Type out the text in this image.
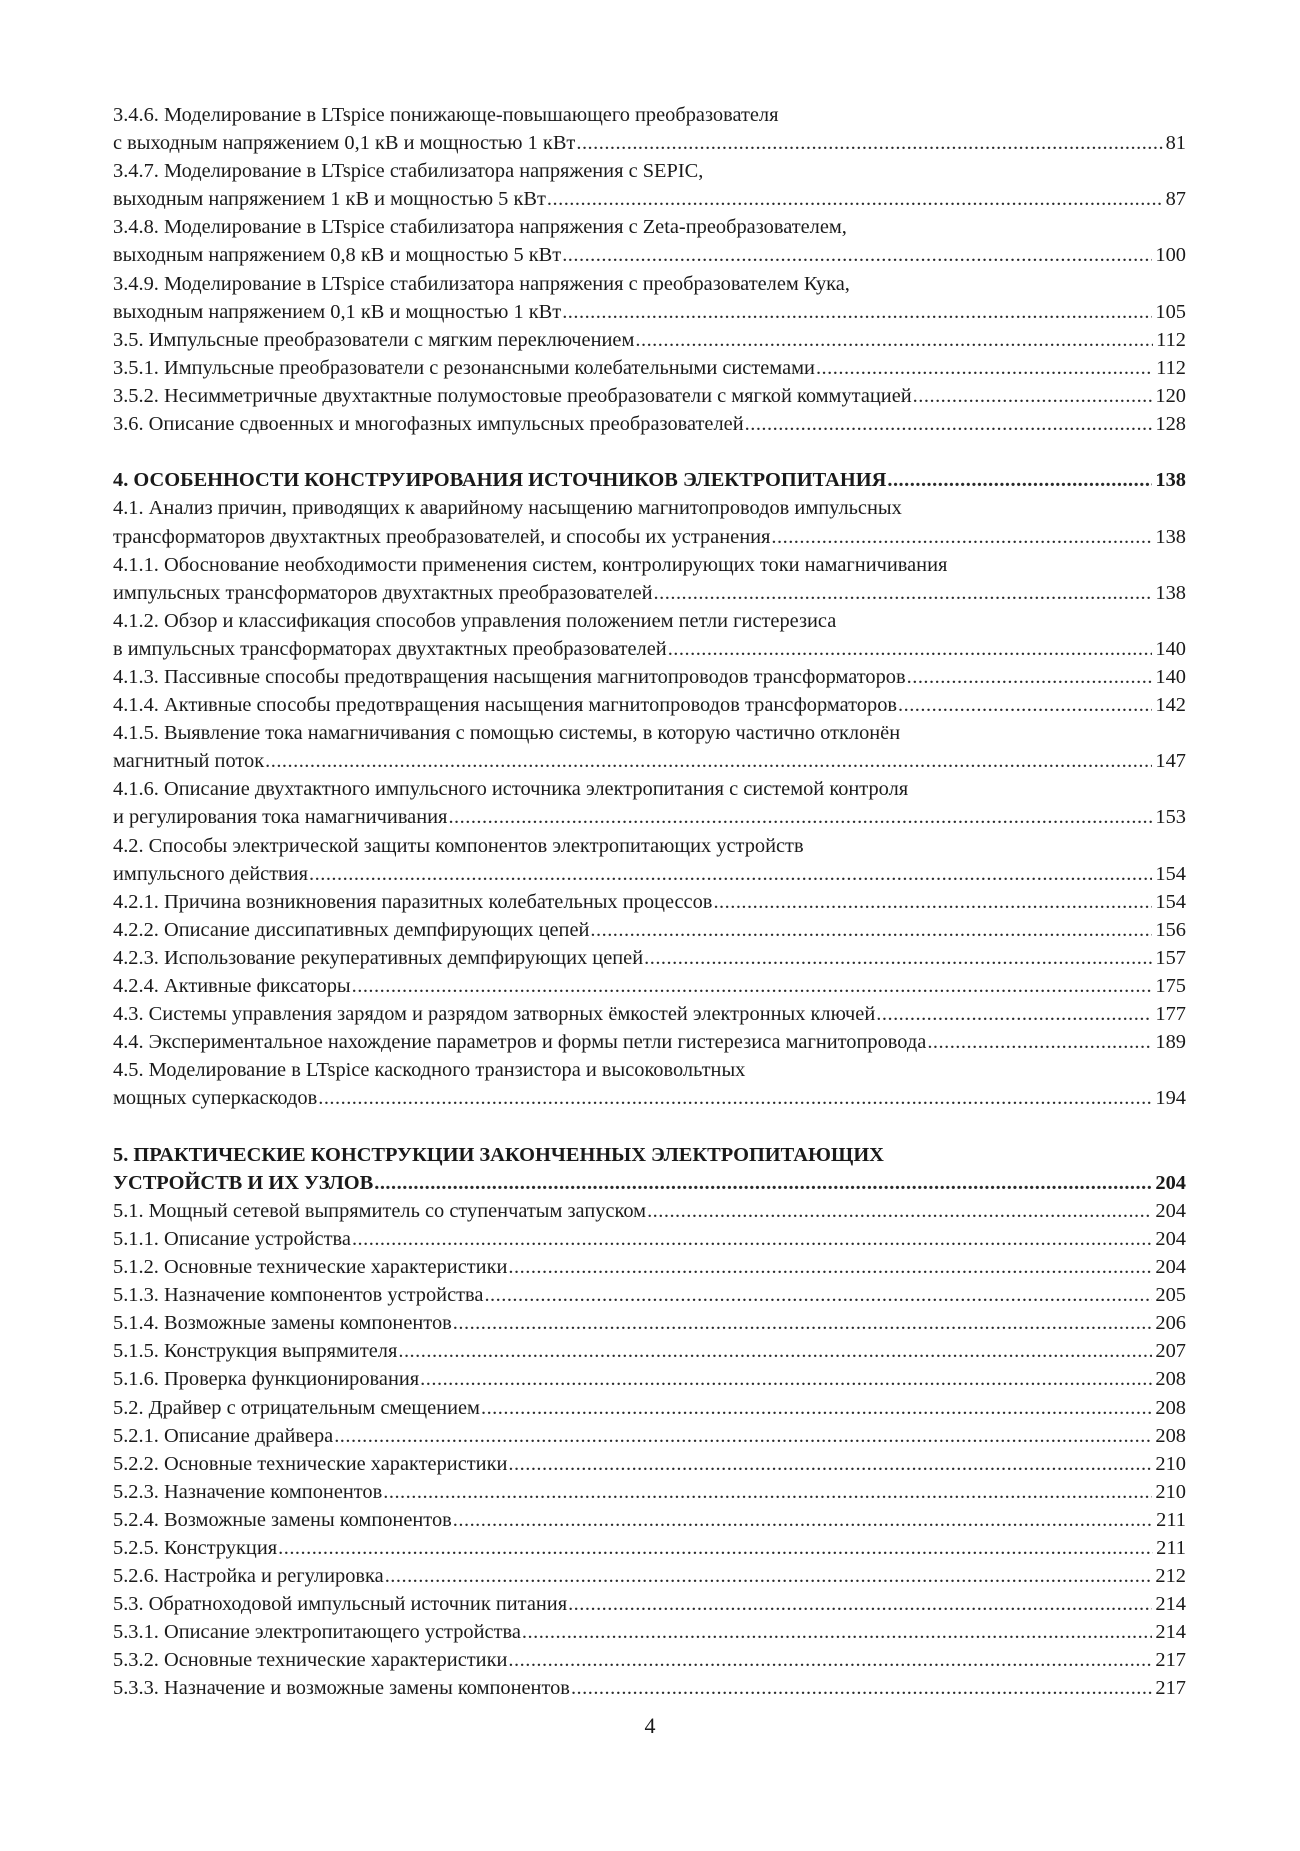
3.4.6. Моделирование в LTspice понижающе-повышающего преобразователя
с выходным напряжением 0,1 кВ и мощностью 1 кВт .....	81
3.4.7. Моделирование в LTspice стабилизатора напряжения с SEPIC,
выходным напряжением 1 кВ и мощностью 5 кВт .....	87
3.4.8. Моделирование в LTspice стабилизатора напряжения с Zeta-преобразователем,
выходным напряжением 0,8 кВ и мощностью 5 кВт .....	100
3.4.9. Моделирование в LTspice стабилизатора напряжения с преобразователем Кука,
выходным напряжением 0,1 кВ и мощностью 1 кВт .....	105
3.5. Импульсные преобразователи с мягким переключением .....	112
3.5.1. Импульсные преобразователи с резонансными колебательными системами .....	112
3.5.2. Несимметричные двухтактные полумостовые преобразователи с мягкой коммутацией .....	120
3.6. Описание сдвоенных и многофазных импульсных преобразователей .....	128
4. ОСОБЕННОСТИ КОНСТРУИРОВАНИЯ ИСТОЧНИКОВ ЭЛЕКТРОПИТАНИЯ .....	138
4.1. Анализ причин, приводящих к аварийному насыщению магнитопроводов импульсных
трансформаторов двухтактных преобразователей, и способы их устранения .....	138
4.1.1. Обоснование необходимости применения систем, контролирующих токи намагничивания
импульсных трансформаторов двухтактных преобразователей .....	138
4.1.2. Обзор и классификация способов управления положением петли гистерезиса
в импульсных трансформаторах двухтактных преобразователей .....	140
4.1.3. Пассивные способы предотвращения насыщения магнитопроводов трансформаторов .....	140
4.1.4. Активные способы предотвращения насыщения магнитопроводов трансформаторов .....	142
4.1.5. Выявление тока намагничивания с помощью системы, в которую частично отклонён
магнитный поток .....	147
4.1.6. Описание двухтактного импульсного источника электропитания с системой контроля
и регулирования тока намагничивания .....	153
4.2. Способы электрической защиты компонентов электропитающих устройств
импульсного действия .....	154
4.2.1. Причина возникновения паразитных колебательных процессов .....	154
4.2.2. Описание диссипативных демпфирующих цепей .....	156
4.2.3. Использование рекуперативных демпфирующих цепей .....	157
4.2.4. Активные фиксаторы .....	175
4.3. Системы управления зарядом и разрядом затворных ёмкостей электронных ключей .....	177
4.4. Экспериментальное нахождение параметров и формы петли гистерезиса магнитопровода .....	189
4.5. Моделирование в LTspice каскодного транзистора и высоковольтных
мощных суперкаскодов .....	194
5. ПРАКТИЧЕСКИЕ КОНСТРУКЦИИ ЗАКОНЧЕННЫХ ЭЛЕКТРОПИТАЮЩИХ
УСТРОЙСТВ И ИХ УЗЛОВ .....	204
5.1. Мощный сетевой выпрямитель со ступенчатым запуском .....	204
5.1.1. Описание устройства .....	204
5.1.2. Основные технические характеристики .....	204
5.1.3. Назначение компонентов устройства .....	205
5.1.4. Возможные замены компонентов .....	206
5.1.5. Конструкция выпрямителя .....	207
5.1.6. Проверка функционирования .....	208
5.2. Драйвер с отрицательным смещением .....	208
5.2.1. Описание драйвера .....	208
5.2.2. Основные технические характеристики .....	210
5.2.3. Назначение компонентов .....	210
5.2.4. Возможные замены компонентов .....	211
5.2.5. Конструкция .....	211
5.2.6. Настройка и регулировка .....	212
5.3. Обратноходовой импульсный источник питания .....	214
5.3.1. Описание электропитающего устройства .....	214
5.3.2. Основные технические характеристики .....	217
5.3.3. Назначение и возможные замены компонентов .....	217
4
